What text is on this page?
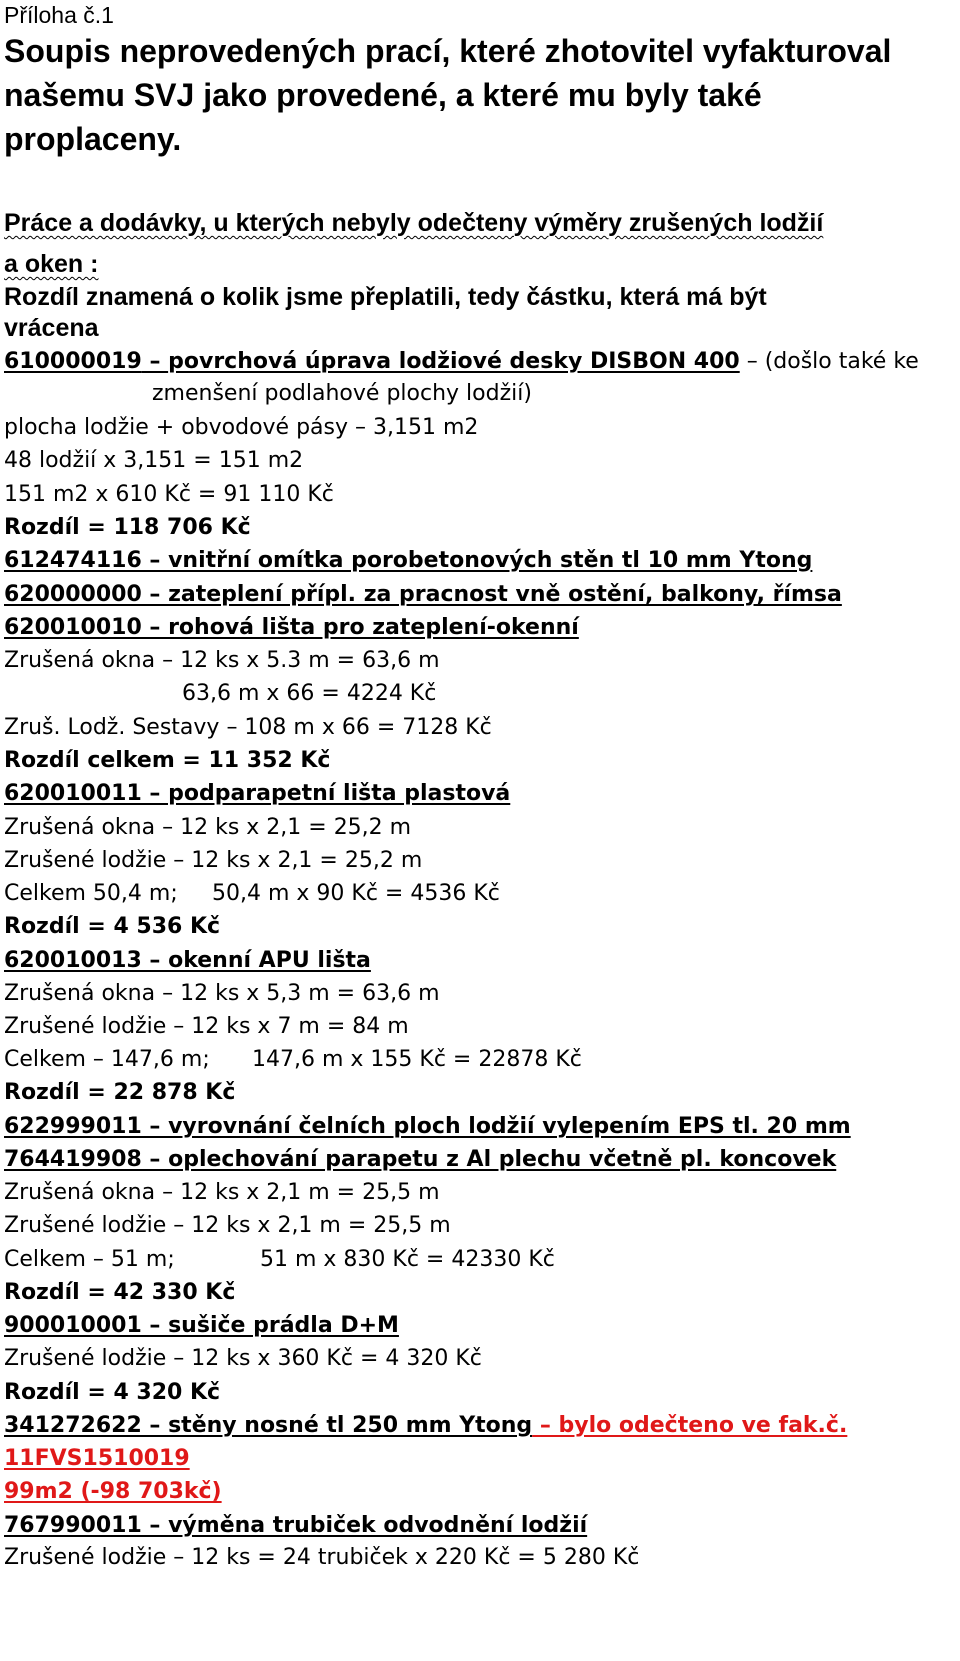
Příloha č.1
Soupis neprovedených prací, které zhotovitel vyfakturoval
našemu SVJ jako provedené, a které mu byly také
proplaceny.
Práce a dodávky, u kterých nebyly odečteny výměry zrušených lodžií
a oken :
Rozdíl znamená o kolik jsme přeplatili, tedy částku, která má být
vrácena
610000019 – povrchová úprava lodžiové desky DISBON 400 – (došlo také ke
zmenšení podlahové plochy lodžií)
plocha lodžie + obvodové pásy – 3,151 m2
48 lodžií x 3,151 = 151 m2
151 m2 x 610 Kč = 91 110 Kč
Rozdíl = 118 706 Kč
612474116 – vnitřní omítka porobetonových stěn tl 10 mm Ytong
620000000 – zateplení přípl. za pracnost vně ostění, balkony, římsa
620010010 – rohová lišta pro zateplení-okenní
Zrušená okna – 12 ks x 5.3 m = 63,6 m
63,6 m x 66 = 4224 Kč
Zruš. Lodž. Sestavy – 108 m x 66 = 7128 Kč
Rozdíl celkem = 11 352 Kč
620010011 – podparapetní lišta plastová
Zrušená okna – 12 ks x 2,1 = 25,2 m
Zrušené lodžie – 12 ks x 2,1 = 25,2 m
Celkem 50,4 m; 50,4 m x 90 Kč = 4536 Kč
Rozdíl = 4 536 Kč
620010013 – okenní APU lišta
Zrušená okna – 12 ks x 5,3 m = 63,6 m
Zrušené lodžie – 12 ks x 7 m = 84 m
Celkem – 147,6 m; 147,6 m x 155 Kč = 22878 Kč
Rozdíl = 22 878 Kč
622999011 – vyrovnání čelních ploch lodžií vylepením EPS tl. 20 mm
764419908 – oplechování parapetu z Al plechu včetně pl. koncovek
Zrušená okna – 12 ks x 2,1 m = 25,5 m
Zrušené lodžie – 12 ks x 2,1 m = 25,5 m
Celkem – 51 m;	51 m x 830 Kč = 42330 Kč
Rozdíl = 42 330 Kč
900010001 – sušiče prádla D+M
Zrušené lodžie – 12 ks x 360 Kč = 4 320 Kč
Rozdíl = 4 320 Kč
341272622 – stěny nosné tl 250 mm Ytong – bylo odečteno ve fak.č.
11FVS1510019
99m2 (-98 703kč)
767990011 – výměna trubiček odvodnění lodžií
Zrušené lodžie – 12 ks = 24 trubiček x 220 Kč = 5 280 Kč
